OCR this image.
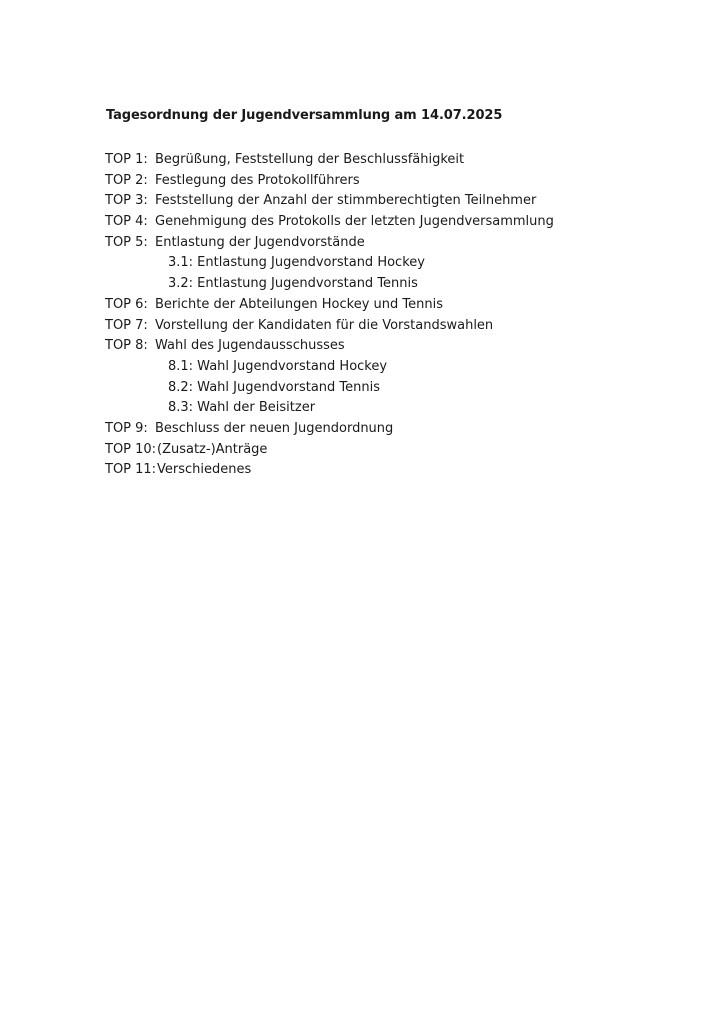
Tagesordnung der Jugendversammlung am 14.07.2025
TOP 1: Begrüßung, Feststellung der Beschlussfähigkeit
TOP 2: Festlegung des Protokollführers
TOP 3: Feststellung der Anzahl der stimmberechtigten Teilnehmer
TOP 4: Genehmigung des Protokolls der letzten Jugendversammlung
TOP 5: Entlastung der Jugendvorstände
3.1: Entlastung Jugendvorstand Hockey
3.2: Entlastung Jugendvorstand Tennis
TOP 6: Berichte der Abteilungen Hockey und Tennis
TOP 7: Vorstellung der Kandidaten für die Vorstandswahlen
TOP 8: Wahl des Jugendausschusses
8.1: Wahl Jugendvorstand Hockey
8.2: Wahl Jugendvorstand Tennis
8.3: Wahl der Beisitzer
TOP 9: Beschluss der neuen Jugendordnung
TOP 10:(Zusatz-)Anträge
TOP 11:Verschiedenes
